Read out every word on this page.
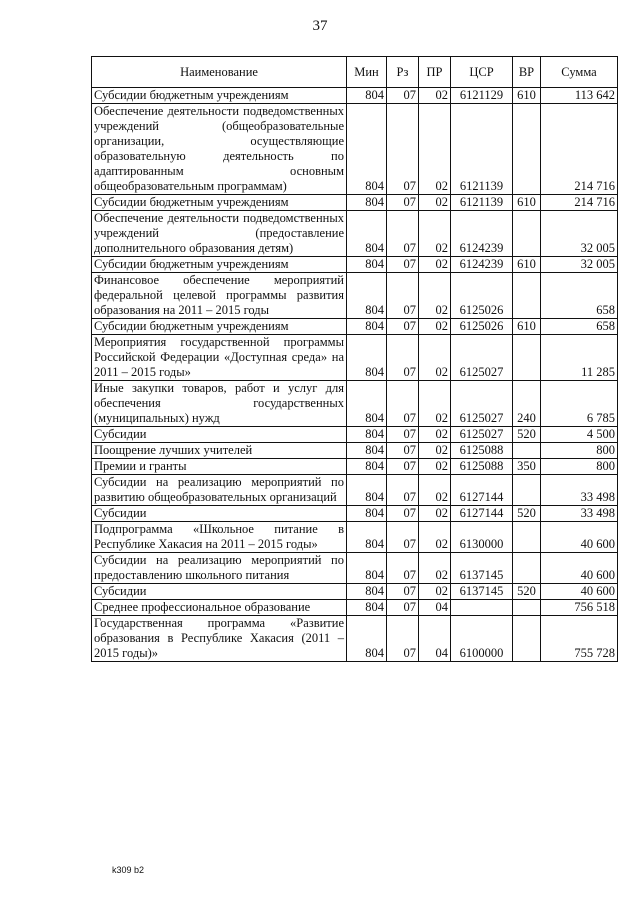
37
Наименование	Мин	Рз	ПР	ЦСР	ВР	Сумма
Субсидии бюджетным учреждениям	804	07	02	6121129	610	113 642
Обеспечение деятельности подведомственных учреждений (общеобразовательные организации, осуществляющие образовательную деятельность по адаптированным основным общеобразовательным программам)	804	07	02	6121139		214 716
Субсидии бюджетным учреждениям	804	07	02	6121139	610	214 716
Обеспечение деятельности подведомственных учреждений (предоставление дополнительного образования детям)	804	07	02	6124239		32 005
Субсидии бюджетным учреждениям	804	07	02	6124239	610	32 005
Финансовое обеспечение мероприятий федеральной целевой программы развития образования на 2011 – 2015 годы	804	07	02	6125026		658
Субсидии бюджетным учреждениям	804	07	02	6125026	610	658
Мероприятия государственной программы Российской Федерации «Доступная среда» на 2011 – 2015 годы»	804	07	02	6125027		11 285
Иные закупки товаров, работ и услуг для обеспечения государственных (муниципальных) нужд	804	07	02	6125027	240	6 785
Субсидии	804	07	02	6125027	520	4 500
Поощрение лучших учителей	804	07	02	6125088		800
Премии и гранты	804	07	02	6125088	350	800
Субсидии на реализацию мероприятий по развитию общеобразовательных организаций	804	07	02	6127144		33 498
Субсидии	804	07	02	6127144	520	33 498
Подпрограмма «Школьное питание в Республике Хакасия на 2011 – 2015 годы»	804	07	02	6130000		40 600
Субсидии на реализацию мероприятий по предоставлению школьного питания	804	07	02	6137145		40 600
Субсидии	804	07	02	6137145	520	40 600
Среднее профессиональное образование	804	07	04			756 518
Государственная программа «Развитие образования в Республике Хакасия (2011 – 2015 годы)»	804	07	04	6100000		755 728
k309 b2
